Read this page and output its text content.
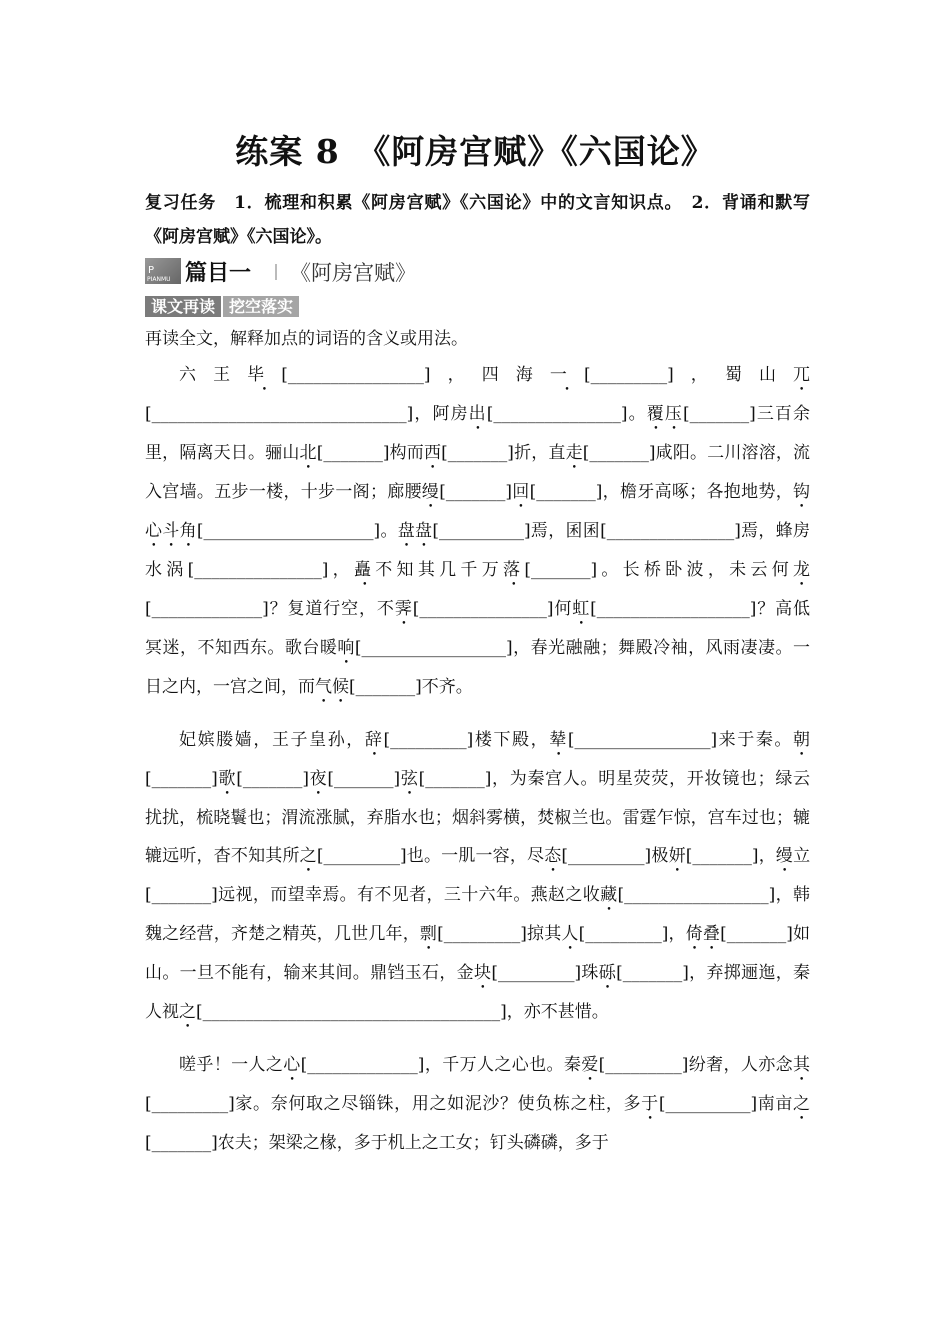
练案 8　《阿房宫赋》《六国论》
复习任务 1．梳理和积累《阿房宫赋》《六国论》中的文言知识点。　2．背诵和默写《阿房宫赋》《六国论》。
P
PIANMU 篇目一 《阿房宫赋》
课文再读 挖空落实
再读全文，解释加点的词语的含义或用法。

六王毕[________________]，四海一[_________]，蜀山兀[______________________________]，阿房出[_______________]。覆压[_______]三百余里，隔离天日。骊山北[_______]构而西[_______]折，直走[_______]咸阳。二川溶溶，流入宫墙。五步一楼，十步一阁；廊腰缦[_______]回[_______]，檐牙高啄；各抱地势，钩心斗角[____________________]。盘盘[__________]焉，囷囷[_______________]焉，蜂房水涡[_______________]，矗不知其几千万落[_______]。长桥卧波，未云何龙[_____________]？复道行空，不霁[_______________]何虹[__________________]？高低冥迷，不知西东。歌台暖响[_________________]，春光融融；舞殿冷袖，风雨凄凄。一日之内，一宫之间，而气候[_______]不齐。

妃嫔媵嫱，王子皇孙，辞[_________]楼下殿，辇[________________]来于秦。朝[_______]歌[_______]夜[_______]弦[_______]，为秦宫人。明星荧荧，开妆镜也；绿云扰扰，梳晓鬟也；渭流涨腻，弃脂水也；烟斜雾横，焚椒兰也。雷霆乍惊，宫车过也；辘辘远听，杳不知其所之[_________]也。一肌一容，尽态[_________]极妍[_______]，缦立[_______]远视，而望幸焉。有不见者，三十六年。燕赵之收藏[_________________]，韩魏之经营，齐楚之精英，几世几年，剽[_________]掠其人[_________]，倚叠[_______]如山。一旦不能有，输来其间。鼎铛玉石，金块[_________]珠砾[_______]，弃掷逦迤，秦人视之[___________________________________]，亦不甚惜。

嗟乎！一人之心[_____________]，千万人之心也。秦爱[_________]纷奢，人亦念其[_________]家。奈何取之尽锱铢，用之如泥沙？使负栋之柱，多于[__________]南亩之[_______]农夫；架梁之椽，多于机上之工女；钉头磷磷，多于
